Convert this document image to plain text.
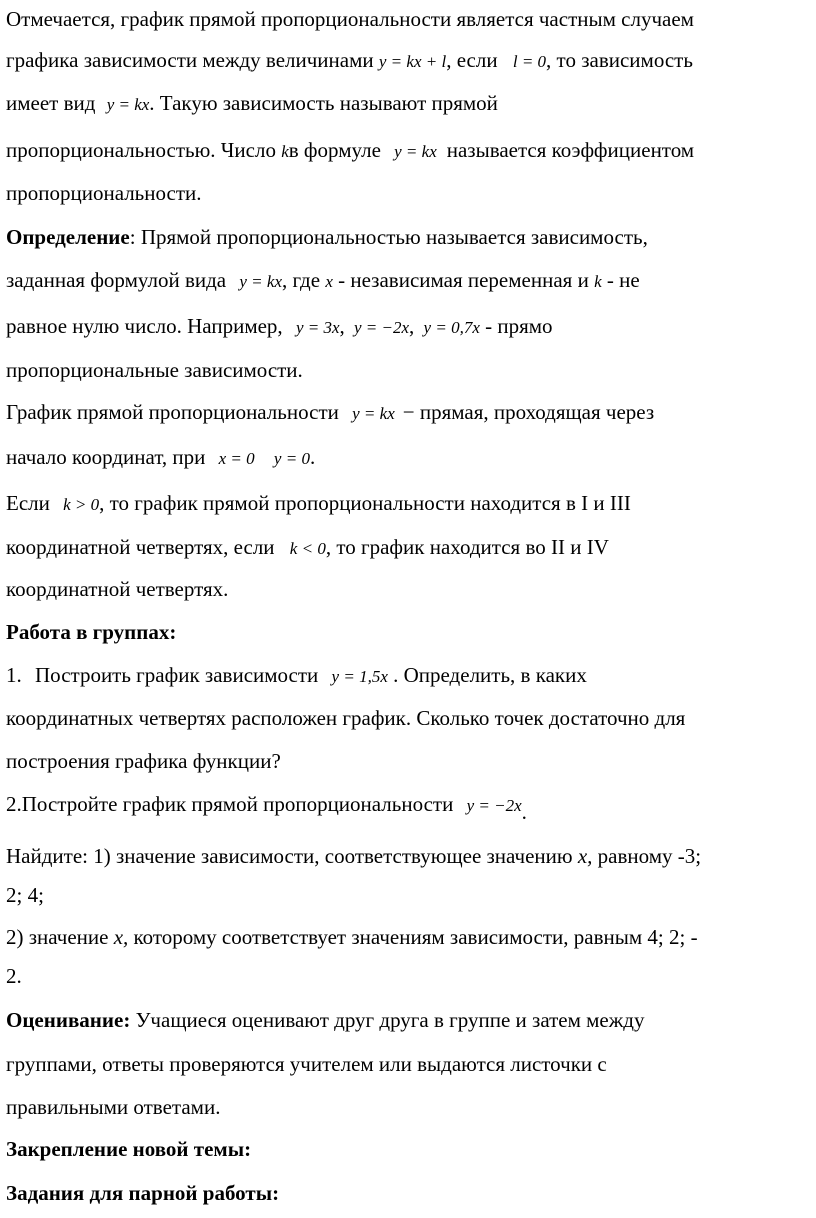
Отмечается, график прямой пропорциональности является частным случаем
графика зависимости между величинами y = kx + l, если l = 0, то зависимость
имеет вид y = kx. Такую зависимость называют прямой
пропорциональностью. Число kв формуле y = kx называется коэффициентом
пропорциональности.
Определение: Прямой пропорциональностью называется зависимость,
заданная формулой вида y = kx, где x - независимая переменная и k - не
равное нулю число. Например, y = 3x, y = −2x, y = 0,7x - прямо
пропорциональные зависимости.
График прямой пропорциональности y = kx − прямая, проходящая через
начало координат, при x = 0 y = 0.
Если k > 0, то график прямой пропорциональности находится в I и III
координатной четвертях, если k < 0, то график находится во II и IV
координатной четвертях.
Работа в группах:
1. Построить график зависимости y = 1,5x . Определить, в каких
координатных четвертях расположен график. Сколько точек достаточно для
построения графика функции?
2.Постройте график прямой пропорциональности y = −2x.
Найдите: 1) значение зависимости, соответствующее значению x, равному -3;
2; 4;
2) значение x, которому соответствует значениям зависимости, равным 4; 2; -
2.
Оценивание: Учащиеся оценивают друг друга в группе и затем между
группами, ответы проверяются учителем или выдаются листочки с
правильными ответами.
Закрепление новой темы:
Задания для парной работы:
